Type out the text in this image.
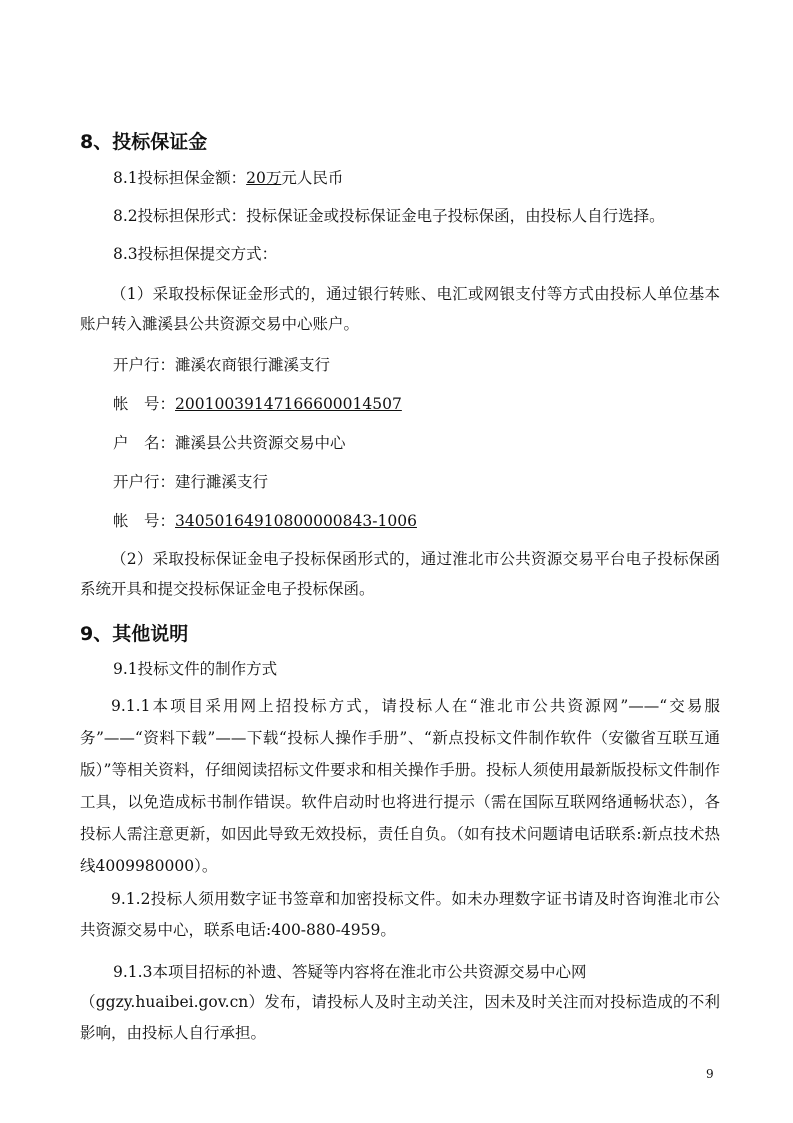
8、投标保证金

8.1投标担保金额：20万元人民币

8.2投标担保形式：投标保证金或投标保证金电子投标保函，由投标人自行选择。

8.3投标担保提交方式：

（1）采取投标保证金形式的，通过银行转账、电汇或网银支付等方式由投标人单位基本账户转入濉溪县公共资源交易中心账户。

开户行：濉溪农商银行濉溪支行

帐　号：20010039147166600014507

户　名：濉溪县公共资源交易中心

开户行：建行濉溪支行

帐　号：34050164910800000843-1006

（2）采取投标保证金电子投标保函形式的，通过淮北市公共资源交易平台电子投标保函系统开具和提交投标保证金电子投标保函。

9、其他说明

9.1投标文件的制作方式

9.1.1本项目采用网上招投标方式，请投标人在“淮北市公共资源网”——“交易服务”——“资料下载”——下载“投标人操作手册”、“新点投标文件制作软件（安徽省互联互通版）”等相关资料，仔细阅读招标文件要求和相关操作手册。投标人须使用最新版投标文件制作工具，以免造成标书制作错误。软件启动时也将进行提示（需在国际互联网络通畅状态），各投标人需注意更新，如因此导致无效投标，责任自负。（如有技术问题请电话联系:新点技术热线4009980000）。

9.1.2投标人须用数字证书签章和加密投标文件。如未办理数字证书请及时咨询淮北市公共资源交易中心，联系电话:400-880-4959。

9.1.3本项目招标的补遗、答疑等内容将在淮北市公共资源交易中心网

（ggzy.huaibei.gov.cn）发布，请投标人及时主动关注，因未及时关注而对投标造成的不利影响，由投标人自行承担。

9
